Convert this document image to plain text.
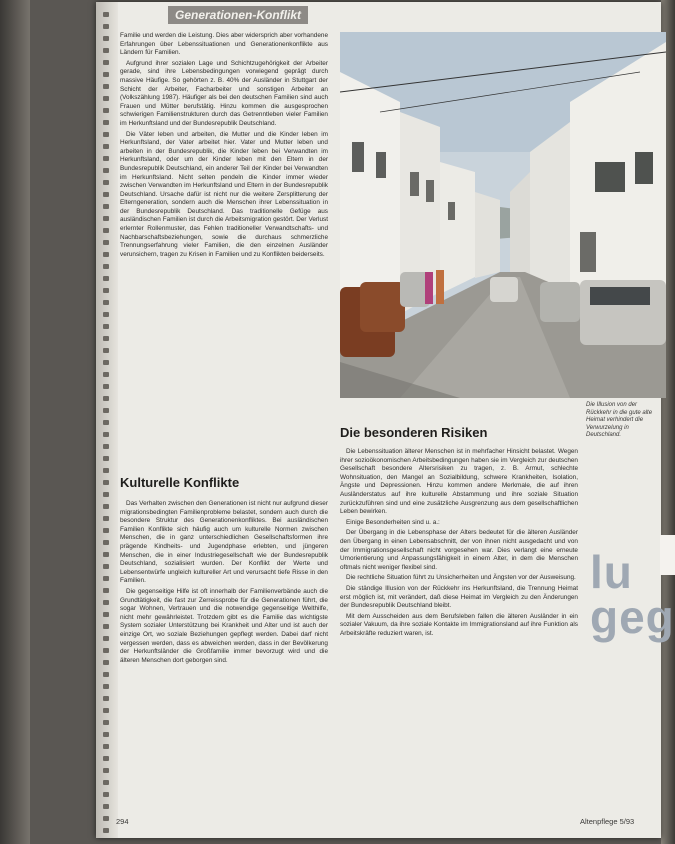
Generationen-Konflikt

Familie und werden die Leistung. Dies aber widersprich aber vorhandene Erfahrungen über Lebenssituationen und Generationenkonflikte aus Ländern für Familien.

Aufgrund ihrer sozialen Lage und Schichtzugehörigkeit der Arbeiter gerade, sind ihre Lebensbedingungen vorwiegend geprägt durch massive Häufige. So gehörten z. B. 40% der Ausländer in Stuttgart der Schicht der Arbeiter, Facharbeiter und sonstigen Arbeiter an (Volkszählung 1987). Häufiger als bei den deutschen Familien sind auch Frauen und Mütter berufstätig. Hinzu kommen die ausgesprochen schwierigen Familienstrukturen durch das Getrenntleben vieler Familien im Herkunftsland und der Bundesrepublik Deutschland.

Die Väter leben und arbeiten, die Mutter und die Kinder leben im Herkunftsland, der Vater arbeitet hier. Vater und Mutter leben und arbeiten in der Bundesrepublik, die Kinder leben bei Verwandten im Herkunftsland, oder um der Kinder leben mit den Eltern in der Bundesrepublik Deutschland, ein anderer Teil der Kinder bei Verwandten im Herkunftsland. Nicht selten pendeln die Kinder immer wieder zwischen Verwandten im Herkunftsland und Eltern in der Bundesrepublik Deutschland. Ursache dafür ist nicht nur die weitere Zersplitterung der Elterngeneration, sondern auch die Menschen ihrer Lebenssituation in der Bundesrepublik Deutschland. Das traditionelle Gefüge aus ausländischen Familien ist durch die Arbeitsmigration gestört. Der Verlust erlernter Rollenmuster, das Fehlen traditioneller Verwandtschafts- und Nachbarschaftsbeziehungen, sowie die durchaus schmerzliche Trennungserfahrung vieler Familien, die den einzelnen Ausländer verunsichern, tragen zu Krisen in Familien und zu Konflikten beiderseits.

Kulturelle Konflikte

Das Verhalten zwischen den Generationen ist nicht nur aufgrund dieser migrationsbedingten Familienprobleme belastet, sondern auch durch die besondere Struktur des Generationenkonfliktes. Bei ausländischen Familien Konflikte sich häufig auch um kulturelle Normen zwischen Menschen, die in ganz unterschiedlichen Gesellschaftsformen ihre prägende Kindheits- und Jugendphase erlebten, und jüngeren Menschen, die in einer Industriegesellschaft wie der Bundesrepublik Deutschland, sozialisiert wurden. Der Konflikt der Werte und Lebensentwürfe ungleich kultureller Art und verursacht tiefe Risse in den Familien.

Die gegenseitige Hilfe ist oft innerhalb der Familienverbände auch die Grundtätigkeit, die fast zur Zerreissprobe für die Generationen führt, die sogar Wohnen, Vertrauen und die notwendige gegenseitige Welthilfe, nicht mehr gewährleistet. Trotzdem gibt es die Familie das wichtigste System sozialer Unterstützung bei Krankheit und Alter und ist auch der einzige Ort, wo soziale Beziehungen gepflegt werden. Dabei darf nicht vergessen werden, dass es abweichen werden, dass in der Bevölkerung der Herkunftsländer die Großfamilie immer bevorzugt wird und die älteren Menschen dort geborgen sind.

Die Illusion von der Rückkehr in die gute alte Heimat verhindert die Verwurzelung in Deutschland.
Die besonderen Risiken

Die Lebenssituation älterer Menschen ist in mehrfacher Hinsicht belastet. Wegen ihrer sozioökonomischen Arbeitsbedingungen haben sie im Vergleich zur deutschen Gesellschaft besondere Altersrisiken zu tragen, z. B. Armut, schlechte Wohnsituation, den Mangel an Sozialbildung, schwere Krankheiten, Isolation, Ängste und Depressionen. Hinzu kommen andere Merkmale, die auf ihren Ausländerstatus auf ihre kulturelle Abstammung und ihre soziale Situation zurückzuführen sind und eine zusätzliche Ausgrenzung aus dem gesellschaftlichen Leben bewirken.

Einige Besonderheiten sind u. a.:

Der Übergang in die Lebensphase der Alters bedeutet für die älteren Ausländer den Übergang in einen Lebensabschnitt, der von ihnen nicht ausgedacht und von der Immigrationsgesellschaft nicht vorgesehen war. Dies verlangt eine erneute Umorientierung und Anpassungsfähigkeit in einem Alter, in dem die Menschen oftmals nicht weniger flexibel sind.

Die rechtliche Situation führt zu Unsicherheiten und Ängsten vor der Ausweisung.

Die ständige Illusion von der Rückkehr ins Herkunftsland, die Trennung Heimat erst möglich ist, mit verändert, daß diese Heimat im Vergleich zu den Änderungen der Bundesrepublik Deutschland bleibt.

Mit dem Ausscheiden aus dem Berufsleben fallen die älteren Ausländer in ein sozialer Vakuum, da ihre soziale Kontakte im Immigrationsland auf ihre Funktion als Arbeitskräfte reduziert waren, ist.

lu
geg
294	Altenpflege 5/93
